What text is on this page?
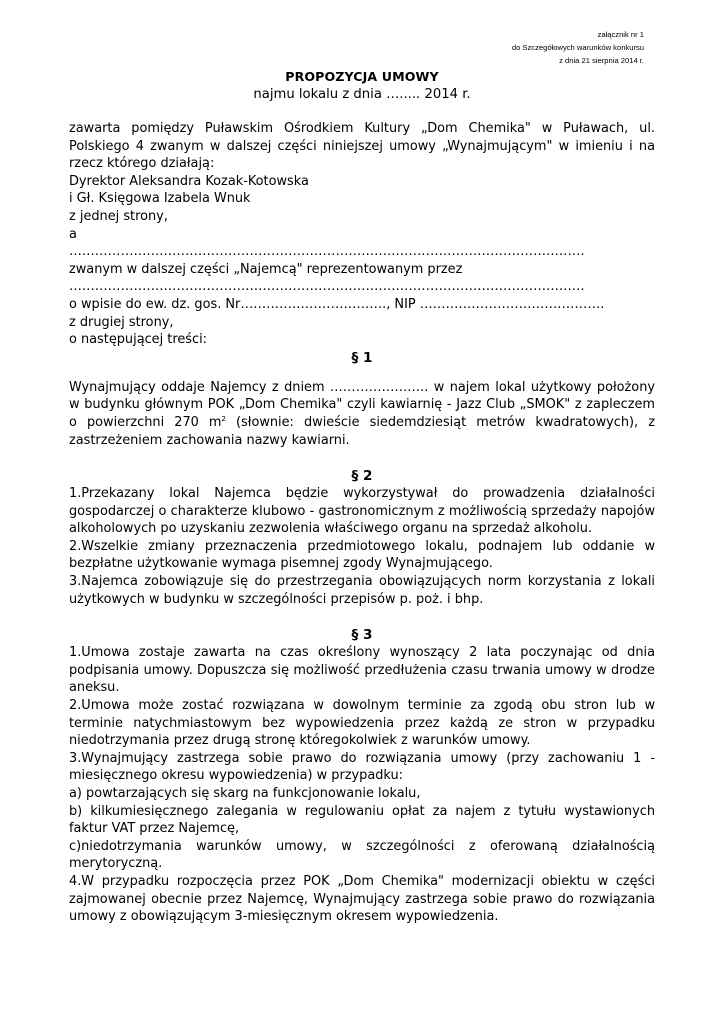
załącznik nr 1
do Szczegółowych warunków konkursu
z dnia 21 sierpnia 2014 r.
PROPOZYCJA UMOWY
najmu lokalu z dnia …..... 2014 r.

zawarta pomiędzy Puławskim Ośrodkiem Kultury „Dom Chemika" w Puławach, ul. Polskiego 4 zwanym w dalszej części niniejszej umowy „Wynajmującym" w imieniu i na rzecz którego działają:

Dyrektor Aleksandra Kozak-Kotowska

i Gł. Księgowa Izabela Wnuk

z jednej strony,

a

…………………………………………………………………………………………………………

zwanym w dalszej części „Najemcą" reprezentowanym przez

…………………………………………………………………………………………………………

o wpisie do ew. dz. gos. Nr……………………………., NIP …………………………………….

z drugiej strony,

o następującej treści:

§ 1

Wynajmujący oddaje Najemcy z dniem ………………….. w najem lokal użytkowy położony w budynku głównym POK „Dom Chemika" czyli kawiarnię - Jazz Club „SMOK" z zapleczem o powierzchni 270 $m^2$ (słownie: dwieście siedemdziesiąt metrów kwadratowych), z zastrzeżeniem zachowania nazwy kawiarni.

§ 2

1.Przekazany lokal Najemca będzie wykorzystywał do prowadzenia działalności gospodarczej o charakterze klubowo - gastronomicznym z możliwością sprzedaży napojów alkoholowych po uzyskaniu zezwolenia właściwego organu na sprzedaż alkoholu.

2.Wszelkie zmiany przeznaczenia przedmiotowego lokalu, podnajem lub oddanie w bezpłatne użytkowanie wymaga pisemnej zgody Wynajmującego.

3.Najemca zobowiązuje się do przestrzegania obowiązujących norm korzystania z lokali użytkowych w budynku w szczególności przepisów p. poż. i bhp.

§ 3

1.Umowa zostaje zawarta na czas określony wynoszący 2 lata poczynając od dnia podpisania umowy. Dopuszcza się możliwość przedłużenia czasu trwania umowy w drodze aneksu.

2.Umowa może zostać rozwiązana w dowolnym terminie za zgodą obu stron lub w terminie natychmiastowym bez wypowiedzenia przez każdą ze stron w przypadku niedotrzymania przez drugą stronę któregokolwiek z warunków umowy.

3.Wynajmujący zastrzega sobie prawo do rozwiązania umowy (przy zachowaniu 1 - miesięcznego okresu wypowiedzenia) w przypadku:

a) powtarzających się skarg na funkcjonowanie lokalu,

b) kilkumiesięcznego zalegania w regulowaniu opłat za najem z tytułu wystawionych faktur VAT przez Najemcę,

c)niedotrzymania warunków umowy, w szczególności z oferowaną działalnością merytoryczną.

4.W przypadku rozpoczęcia przez POK „Dom Chemika" modernizacji obiektu w części zajmowanej obecnie przez Najemcę, Wynajmujący zastrzega sobie prawo do rozwiązania umowy z obowiązującym 3-miesięcznym okresem wypowiedzenia.
